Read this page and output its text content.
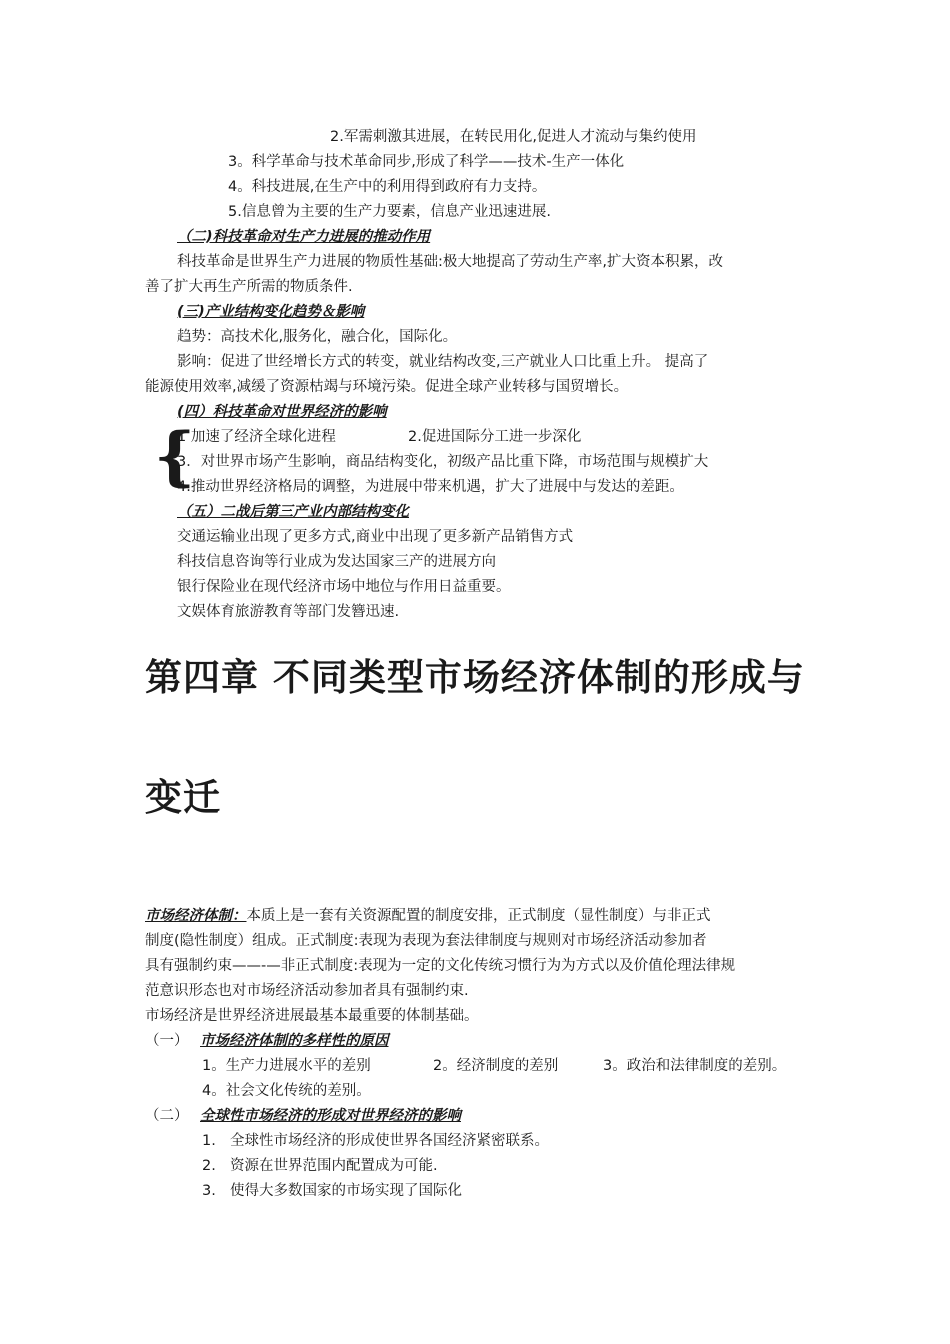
2.军需刺激其进展，在转民用化,促进人才流动与集约使用
3。科学革命与技术革命同步,形成了科学——技术-生产一体化
4。科技进展,在生产中的利用得到政府有力支持。
5.信息曾为主要的生产力要素，信息产业迅速进展.
（二)科技革命对生产力进展的推动作用
科技革命是世界生产力进展的物质性基础:极大地提高了劳动生产率,扩大资本积累，改
善了扩大再生产所需的物质条件.
(三)产业结构变化趋势＆影响
趋势：高技术化,服务化，融合化，国际化。
影响：促进了世经增长方式的转变，就业结构改变,三产就业人口比重上升。 提高了
能源使用效率,减缓了资源枯竭与环境污染。促进全球产业转移与国贸增长。
(四）科技革命对世界经济的影响
{
1 加速了经济全球化进程	2.促进国际分工进一步深化
3．对世界市场产生影响，商品结构变化，初级产品比重下降，市场范围与规模扩大
4.推动世界经济格局的调整，为进展中带来机遇，扩大了进展中与发达的差距。
（五）二战后第三产业内部结构变化
交通运输业出现了更多方式,商业中出现了更多新产品销售方式
科技信息咨询等行业成为发达国家三产的进展方向
银行保险业在现代经济市场中地位与作用日益重要。
文娱体育旅游教育等部门发簪迅速.
第四章 不同类型市场经济体制的形成与
变迁
市场经济体制：本质上是一套有关资源配置的制度安排，正式制度（显性制度）与非正式
制度(隐性制度）组成。正式制度:表现为表现为套法律制度与规则对市场经济活动参加者
具有强制约束——-—非正式制度:表现为一定的文化传统习惯行为为方式以及价值伦理法律规
范意识形态也对市场经济活动参加者具有强制约束.
市场经济是世界经济进展最基本最重要的体制基础。
（一） 市场经济体制的多样性的原因
1。生产力进展水平的差别	2。经济制度的差别	3。政治和法律制度的差别。
4。社会文化传统的差别。
（二） 全球性市场经济的形成对世界经济的影响
1. 全球性市场经济的形成使世界各国经济紧密联系。
2. 资源在世界范围内配置成为可能.
3. 使得大多数国家的市场实现了国际化
